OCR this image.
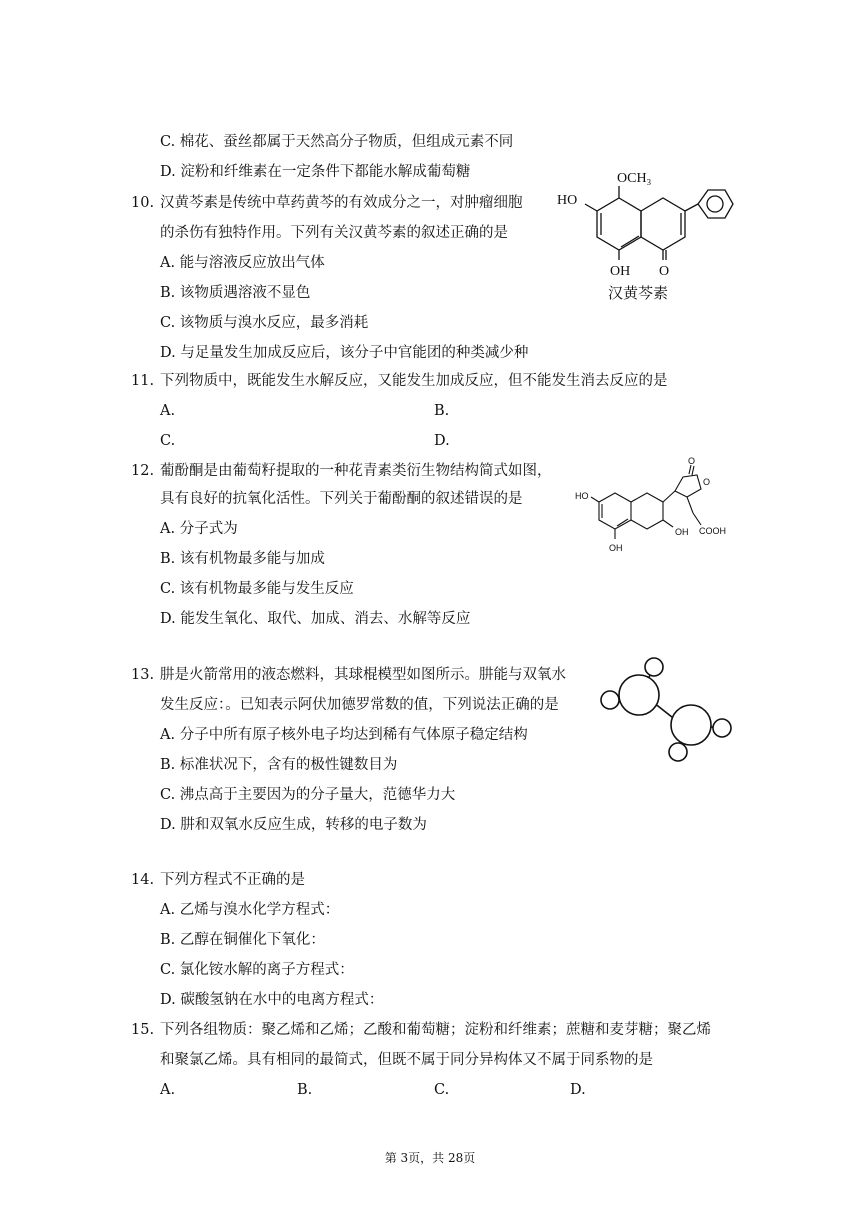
C. 棉花、蚕丝都属于天然高分子物质，但组成元素不同
D. 淀粉和纤维素在一定条件下都能水解成葡萄糖
10. 汉黄芩素是传统中草药黄芩的有效成分之一，对肿瘤细胞
的杀伤有独特作用。下列有关汉黄芩素的叙述正确的是
A. 能与溶液反应放出气体
B. 该物质遇溶液不显色
C. 该物质与溴水反应，最多消耗
D. 与足量发生加成反应后，该分子中官能团的种类减少种
OCH₃
HO
OH O
汉黄芩素
11. 下列物质中，既能发生水解反应，又能发生加成反应，但不能发生消去反应的是
A.	B.
C.	D.
12. 葡酚酮是由葡萄籽提取的一种花青素类衍生物结构简式如图，
具有良好的抗氧化活性。下列关于葡酚酮的叙述错误的是
A. 分子式为
B. 该有机物最多能与加成
C. 该有机物最多能与发生反应
D. 能发生氧化、取代、加成、消去、水解等反应
O
O
HO
OH
OH COOH
13. 肼是火箭常用的液态燃料，其球棍模型如图所示。肼能与双氧水
发生反应：。已知表示阿伏加德罗常数的值，下列说法正确的是
A. 分子中所有原子核外电子均达到稀有气体原子稳定结构
B. 标准状况下，含有的极性键数目为
C. 沸点高于主要因为的分子量大，范德华力大
D. 肼和双氧水反应生成，转移的电子数为
14. 下列方程式不正确的是
A. 乙烯与溴水化学方程式：
B. 乙醇在铜催化下氧化：
C. 氯化铵水解的离子方程式：
D. 碳酸氢钠在水中的电离方程式：
15. 下列各组物质：聚乙烯和乙烯；乙酸和葡萄糖；淀粉和纤维素；蔗糖和麦芽糖；聚乙烯
和聚氯乙烯。具有相同的最简式，但既不属于同分异构体又不属于同系物的是
A.	B.	C.	D.
第 3页，共 28页
